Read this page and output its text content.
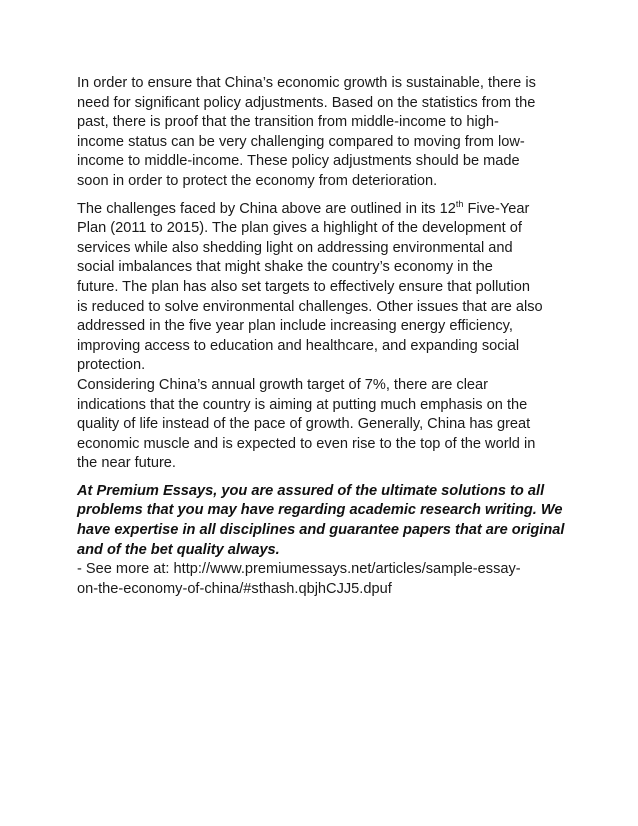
In order to ensure that China’s economic growth is sustainable, there is
need for significant policy adjustments. Based on the statistics from the
past, there is proof that the transition from middle-income to high-
income status can be very challenging compared to moving from low-
income to middle-income. These policy adjustments should be made
soon in order to protect the economy from deterioration.
The challenges faced by China above are outlined in its 12th Five-Year
Plan (2011 to 2015). The plan gives a highlight of the development of
services while also shedding light on addressing environmental and
social imbalances that might shake the country’s economy in the
future. The plan has also set targets to effectively ensure that pollution
is reduced to solve environmental challenges. Other issues that are also
addressed in the five year plan include increasing energy efficiency,
improving access to education and healthcare, and expanding social
protection.
Considering China’s annual growth target of 7%, there are clear
indications that the country is aiming at putting much emphasis on the
quality of life instead of the pace of growth. Generally, China has great
economic muscle and is expected to even rise to the top of the world in
the near future.
At Premium Essays, you are assured of the ultimate solutions to all
problems that you may have regarding academic research writing. We
have expertise in all disciplines and guarantee papers that are original
and of the bet quality always.
- See more at: http://www.premiumessays.net/articles/sample-essay-
on-the-economy-of-china/#sthash.qbjhCJJ5.dpuf
